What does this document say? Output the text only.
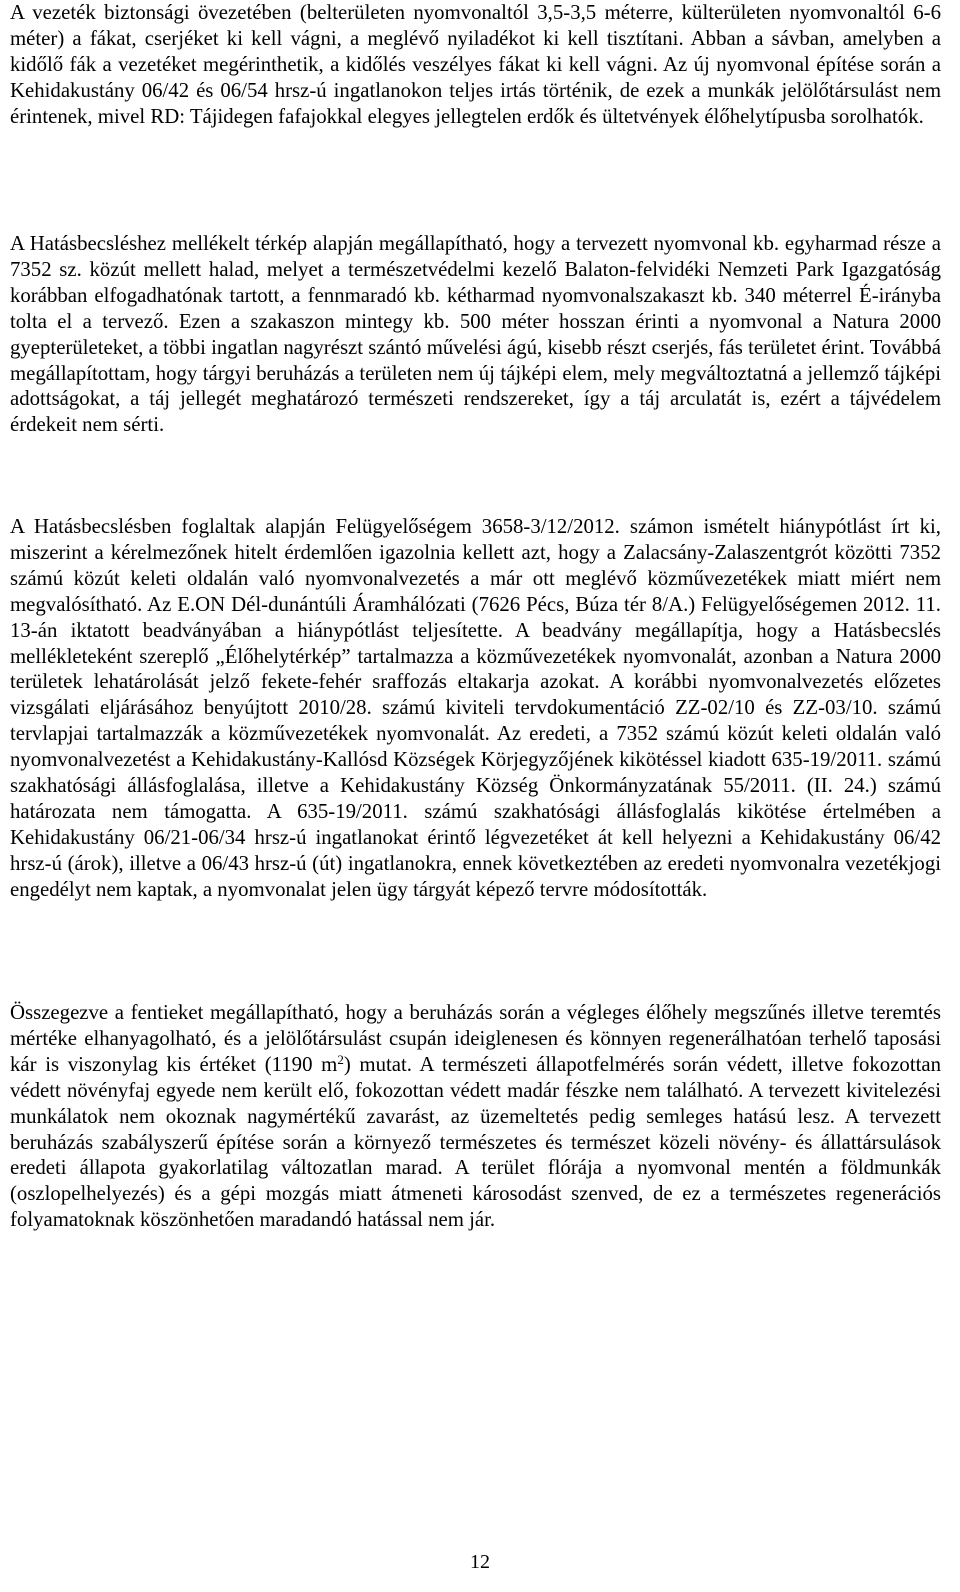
A vezeték biztonsági övezetében (belterületen nyomvonaltól 3,5-3,5 méterre, külterületen nyomvonaltól 6-6 méter) a fákat, cserjéket ki kell vágni, a meglévő nyiladékot ki kell tisztítani. Abban a sávban, amelyben a kidőlő fák a vezetéket megérinthetik, a kidőlés veszélyes fákat ki kell vágni. Az új nyomvonal építése során a Kehidakustány 06/42 és 06/54 hrsz-ú ingatlanokon teljes irtás történik, de ezek a munkák jelölőtársulást nem érintenek, mivel RD: Tájidegen fafajokkal elegyes jellegtelen erdők és ültetvények élőhelytípusba sorolhatók.

A Hatásbecsléshez mellékelt térkép alapján megállapítható, hogy a tervezett nyomvonal kb. egyharmad része a 7352 sz. közút mellett halad, melyet a természetvédelmi kezelő Balaton-felvidéki Nemzeti Park Igazgatóság korábban elfogadhatónak tartott, a fennmaradó kb. kétharmad nyomvonalszakaszt kb. 340 méterrel É-irányba tolta el a tervező. Ezen a szakaszon mintegy kb. 500 méter hosszan érinti a nyomvonal a Natura 2000 gyepterületeket, a többi ingatlan nagyrészt szántó művelési ágú, kisebb részt cserjés, fás területet érint. Továbbá megállapítottam, hogy tárgyi beruházás a területen nem új tájképi elem, mely megváltoztatná a jellemző tájképi adottságokat, a táj jellegét meghatározó természeti rendszereket, így a táj arculatát is, ezért a tájvédelem érdekeit nem sérti.

A Hatásbecslésben foglaltak alapján Felügyelőségem 3658-3/12/2012. számon ismételt hiánypótlást írt ki, miszerint a kérelmezőnek hitelt érdemlően igazolnia kellett azt, hogy a Zalacsány-Zalaszentgrót közötti 7352 számú közút keleti oldalán való nyomvonalvezetés a már ott meglévő közművezetékek miatt miért nem megvalósítható. Az E.ON Dél-dunántúli Áramhálózati (7626 Pécs, Búza tér 8/A.) Felügyelőségemen 2012. 11. 13-án iktatott beadványában a hiánypótlást teljesítette. A beadvány megállapítja, hogy a Hatásbecslés mellékleteként szereplő „Élőhelytérkép” tartalmazza a közművezetékek nyomvonalát, azonban a Natura 2000 területek lehatárolását jelző fekete-fehér sraffozás eltakarja azokat. A korábbi nyomvonalvezetés előzetes vizsgálati eljárásához benyújtott 2010/28. számú kiviteli tervdokumentáció ZZ-02/10 és ZZ-03/10. számú tervlapjai tartalmazzák a közművezetékek nyomvonalát. Az eredeti, a 7352 számú közút keleti oldalán való nyomvonalvezetést a Kehidakustány-Kallósd Községek Körjegyzőjének kikötéssel kiadott 635-19/2011. számú szakhatósági állásfoglalása, illetve a Kehidakustány Község Önkormányzatának 55/2011. (II. 24.) számú határozata nem támogatta. A 635-19/2011. számú szakhatósági állásfoglalás kikötése értelmében a Kehidakustány 06/21-06/34 hrsz-ú ingatlanokat érintő légvezetéket át kell helyezni a Kehidakustány 06/42 hrsz-ú (árok), illetve a 06/43 hrsz-ú (út) ingatlanokra, ennek következtében az eredeti nyomvonalra vezetékjogi engedélyt nem kaptak, a nyomvonalat jelen ügy tárgyát képező tervre módosították.

Összegezve a fentieket megállapítható, hogy a beruházás során a végleges élőhely megszűnés illetve teremtés mértéke elhanyagolható, és a jelölőtársulást csupán ideiglenesen és könnyen regenerálhatóan terhelő taposási kár is viszonylag kis értéket (1190 $m^2$) mutat. A természeti állapotfelmérés során védett, illetve fokozottan védett növényfaj egyede nem került elő, fokozottan védett madár fészke nem található. A tervezett kivitelezési munkálatok nem okoznak nagymértékű zavarást, az üzemeltetés pedig semleges hatású lesz. A tervezett beruházás szabályszerű építése során a környező természetes és természet közeli növény- és állattársulások eredeti állapota gyakorlatilag változatlan marad. A terület flórája a nyomvonal mentén a földmunkák (oszlopelhelyezés) és a gépi mozgás miatt átmeneti károsodást szenved, de ez a természetes regenerációs folyamatoknak köszönhetően maradandó hatással nem jár.

12
